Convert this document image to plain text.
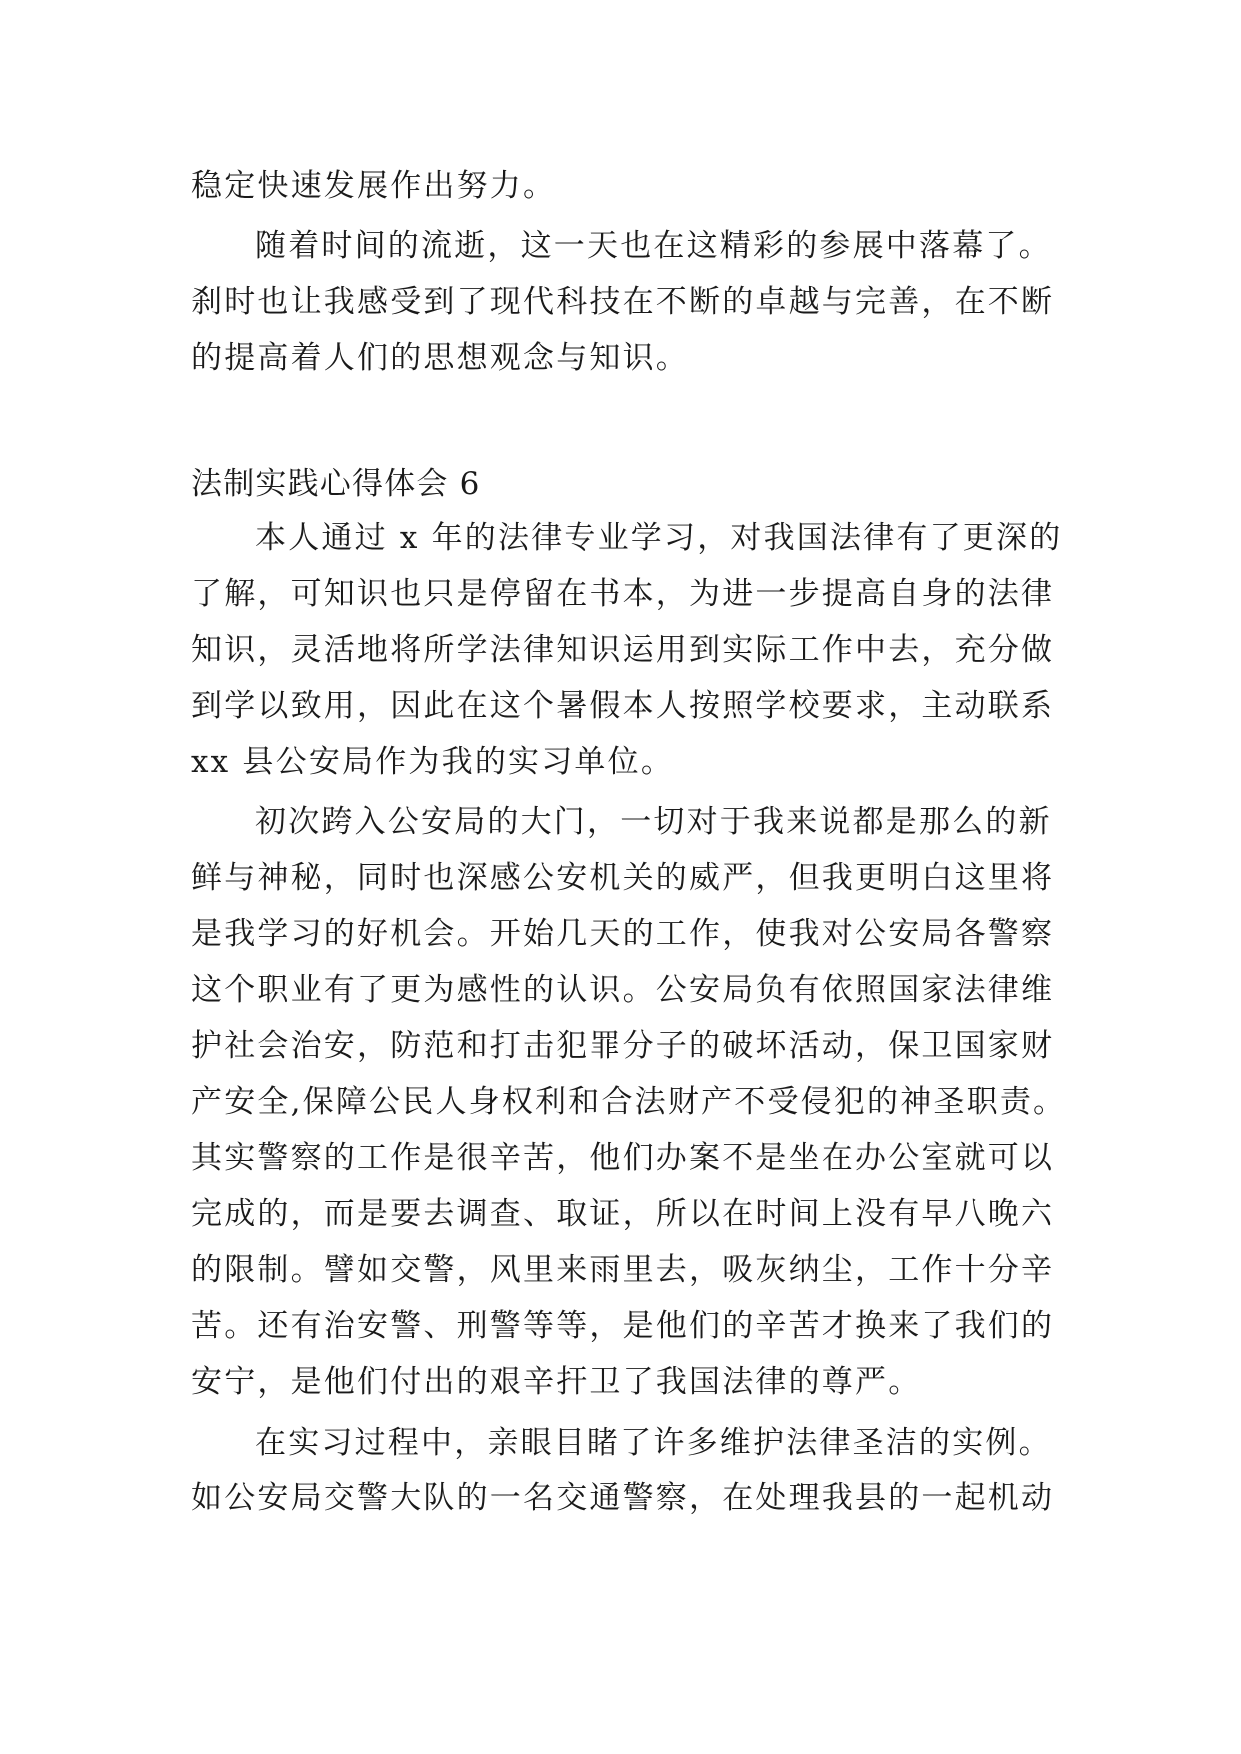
稳定快速发展作出努力。
随着时间的流逝，这一天也在这精彩的参展中落幕了。
刹时也让我感受到了现代科技在不断的卓越与完善，在不断
的提高着人们的思想观念与知识。
法制实践心得体会 6
本人通过 x 年的法律专业学习，对我国法律有了更深的
了解，可知识也只是停留在书本，为进一步提高自身的法律
知识，灵活地将所学法律知识运用到实际工作中去，充分做
到学以致用，因此在这个暑假本人按照学校要求，主动联系
xx 县公安局作为我的实习单位。
初次跨入公安局的大门，一切对于我来说都是那么的新
鲜与神秘，同时也深感公安机关的威严，但我更明白这里将
是我学习的好机会。开始几天的工作，使我对公安局各警察
这个职业有了更为感性的认识。公安局负有依照国家法律维
护社会治安，防范和打击犯罪分子的破坏活动，保卫国家财
产安全,保障公民人身权利和合法财产不受侵犯的神圣职责。
其实警察的工作是很辛苦，他们办案不是坐在办公室就可以
完成的，而是要去调查、取证，所以在时间上没有早八晚六
的限制。譬如交警，风里来雨里去，吸灰纳尘，工作十分辛
苦。还有治安警、刑警等等，是他们的辛苦才换来了我们的
安宁，是他们付出的艰辛扞卫了我国法律的尊严。
在实习过程中，亲眼目睹了许多维护法律圣洁的实例。
如公安局交警大队的一名交通警察，在处理我县的一起机动
